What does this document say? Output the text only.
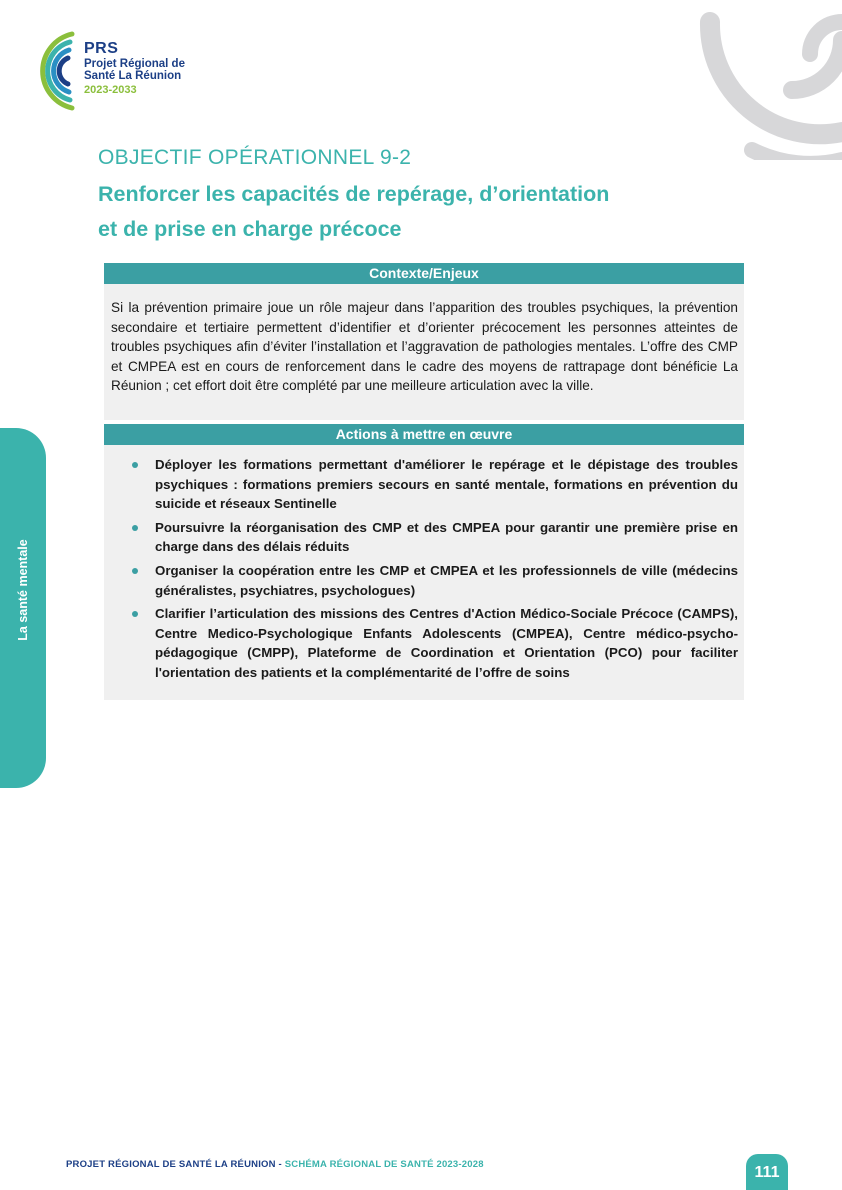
PRS
Projet Régional de
Santé La Réunion
2023-2033
La santé mentale
OBJECTIF OPÉRATIONNEL 9-2
Renforcer les capacités de repérage, d’orientation
et de prise en charge précoce
Contexte/Enjeux

Si la prévention primaire joue un rôle majeur dans l’apparition des troubles psychiques, la prévention secondaire et tertiaire permettent d’identifier et d’orienter précocement les personnes atteintes de troubles psychiques afin d’éviter l’installation et l’aggravation de pathologies mentales. L’offre des CMP et CMPEA est en cours de renforcement dans le cadre des moyens de rattrapage dont bénéficie La Réunion ; cet effort doit être complété par une meilleure articulation avec la ville.

Actions à mettre en œuvre
Déployer les formations permettant d'améliorer le repérage et le dépistage des troubles psychiques : formations premiers secours en santé mentale, formations en prévention du suicide et réseaux Sentinelle
Poursuivre la réorganisation des CMP et des CMPEA pour garantir une première prise en charge dans des délais réduits
Organiser la coopération entre les CMP et CMPEA et les professionnels de ville (médecins généralistes, psychiatres, psychologues)
Clarifier l’articulation des missions des Centres d'Action Médico-Sociale Précoce (CAMPS), Centre Medico-Psychologique Enfants Adolescents (CMPEA), Centre médico-psycho-pédagogique (CMPP), Plateforme de Coordination et Orientation (PCO) pour faciliter l'orientation des patients et la complémentarité de l’offre de soins
PROJET RÉGIONAL DE SANTÉ LA RÉUNION - SCHÉMA RÉGIONAL DE SANTÉ 2023-2028	111
